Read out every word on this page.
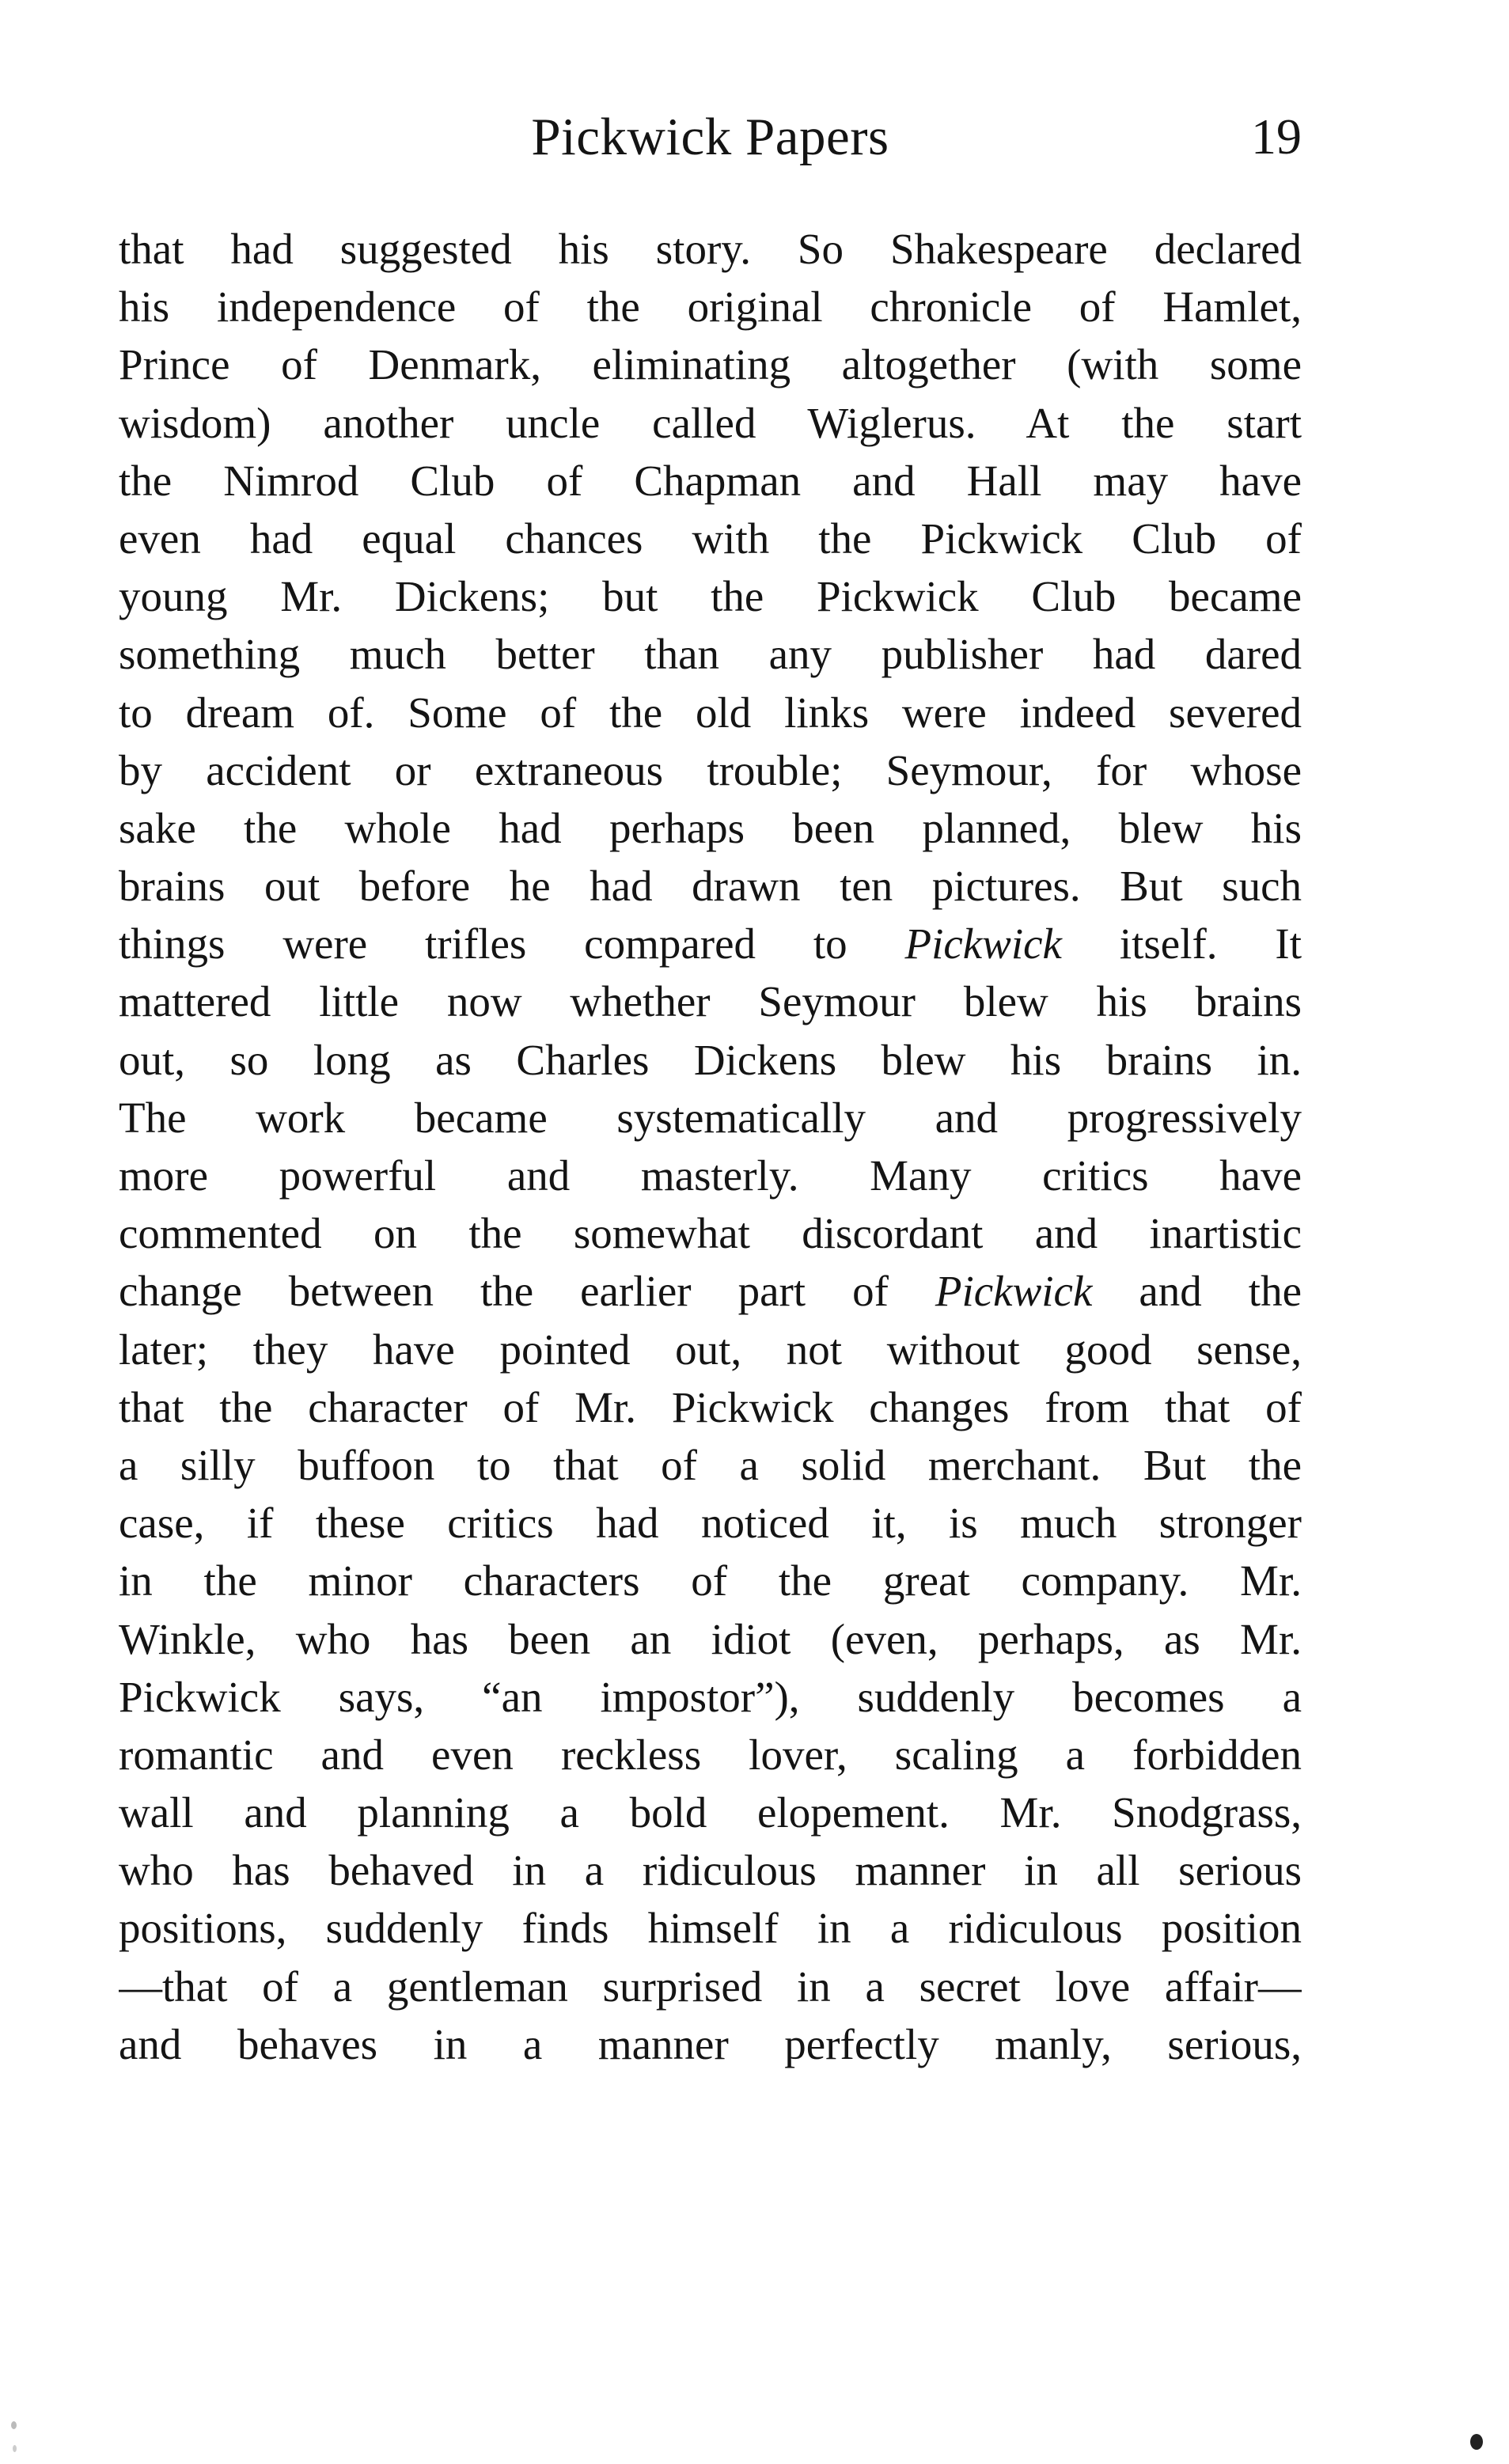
Pickwick Papers	19
that had suggested his story. So Shakespeare declared
his independence of the original chronicle of Hamlet,
Prince of Denmark, eliminating altogether (with some
wisdom) another uncle called Wiglerus. At the start
the Nimrod Club of Chapman and Hall may have
even had equal chances with the Pickwick Club of
young Mr. Dickens; but the Pickwick Club became
something much better than any publisher had dared
to dream of. Some of the old links were indeed severed
by accident or extraneous trouble; Seymour, for whose
sake the whole had perhaps been planned, blew his
brains out before he had drawn ten pictures. But such
things were trifles compared to Pickwick itself. It
mattered little now whether Seymour blew his brains
out, so long as Charles Dickens blew his brains in.
The work became systematically and progressively
more powerful and masterly. Many critics have
commented on the somewhat discordant and inartistic
change between the earlier part of Pickwick and the
later; they have pointed out, not without good sense,
that the character of Mr. Pickwick changes from that of
a silly buffoon to that of a solid merchant. But the
case, if these critics had noticed it, is much stronger
in the minor characters of the great company. Mr.
Winkle, who has been an idiot (even, perhaps, as Mr.
Pickwick says, “an impostor”), suddenly becomes a
romantic and even reckless lover, scaling a forbidden
wall and planning a bold elopement. Mr. Snodgrass,
who has behaved in a ridiculous manner in all serious
positions, suddenly finds himself in a ridiculous position
—that of a gentleman surprised in a secret love affair—
and behaves in a manner perfectly manly, serious,
